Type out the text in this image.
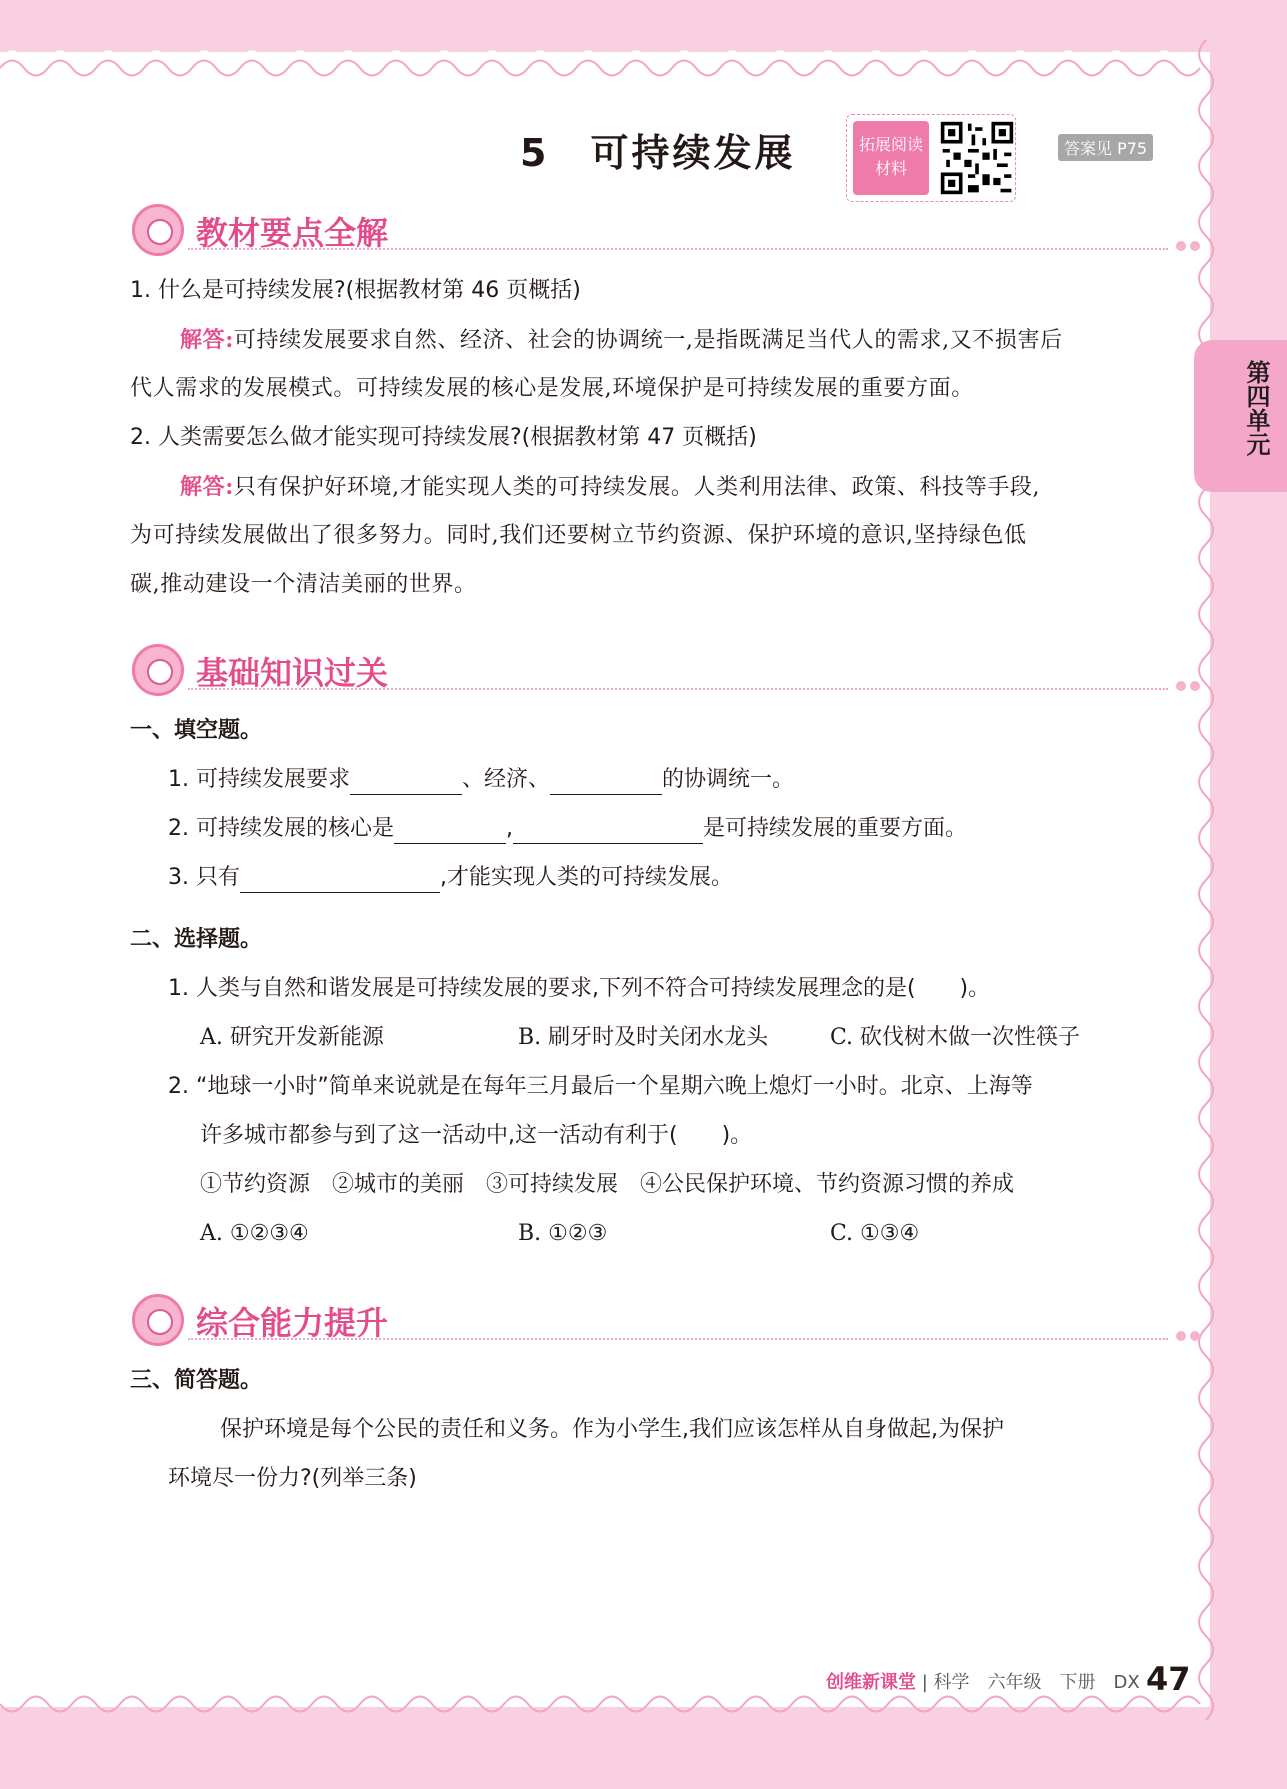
5　可持续发展	拓展阅读
材料
答案见 P75
第四单元
教材要点全解
1. 什么是可持续发展?(根据教材第 46 页概括)
解答:可持续发展要求自然、经济、社会的协调统一,是指既满足当代人的需求,又不损害后
代人需求的发展模式。可持续发展的核心是发展,环境保护是可持续发展的重要方面。
2. 人类需要怎么做才能实现可持续发展?(根据教材第 47 页概括)
解答:只有保护好环境,才能实现人类的可持续发展。人类利用法律、政策、科技等手段,
为可持续发展做出了很多努力。同时,我们还要树立节约资源、保护环境的意识,坚持绿色低
碳,推动建设一个清洁美丽的世界。
基础知识过关
一、填空题。
1. 可持续发展要求	、经济、	的协调统一。
2. 可持续发展的核心是	,	是可持续发展的重要方面。
3. 只有	,才能实现人类的可持续发展。
二、选择题。
1. 人类与自然和谐发展是可持续发展的要求,下列不符合可持续发展理念的是(　　)。
A. 研究开发新能源	B. 刷牙时及时关闭水龙头	C. 砍伐树木做一次性筷子
2. “地球一小时”简单来说就是在每年三月最后一个星期六晚上熄灯一小时。北京、上海等
许多城市都参与到了这一活动中,这一活动有利于(　　)。
①节约资源　②城市的美丽　③可持续发展　④公民保护环境、节约资源习惯的养成
A. ①②③④	B. ①②③	C. ①③④
综合能力提升
三、简答题。
保护环境是每个公民的责任和义务。作为小学生,我们应该怎样从自身做起,为保护
环境尽一份力?(列举三条)
创维新课堂 | 科学　六年级　下册　DX 47
